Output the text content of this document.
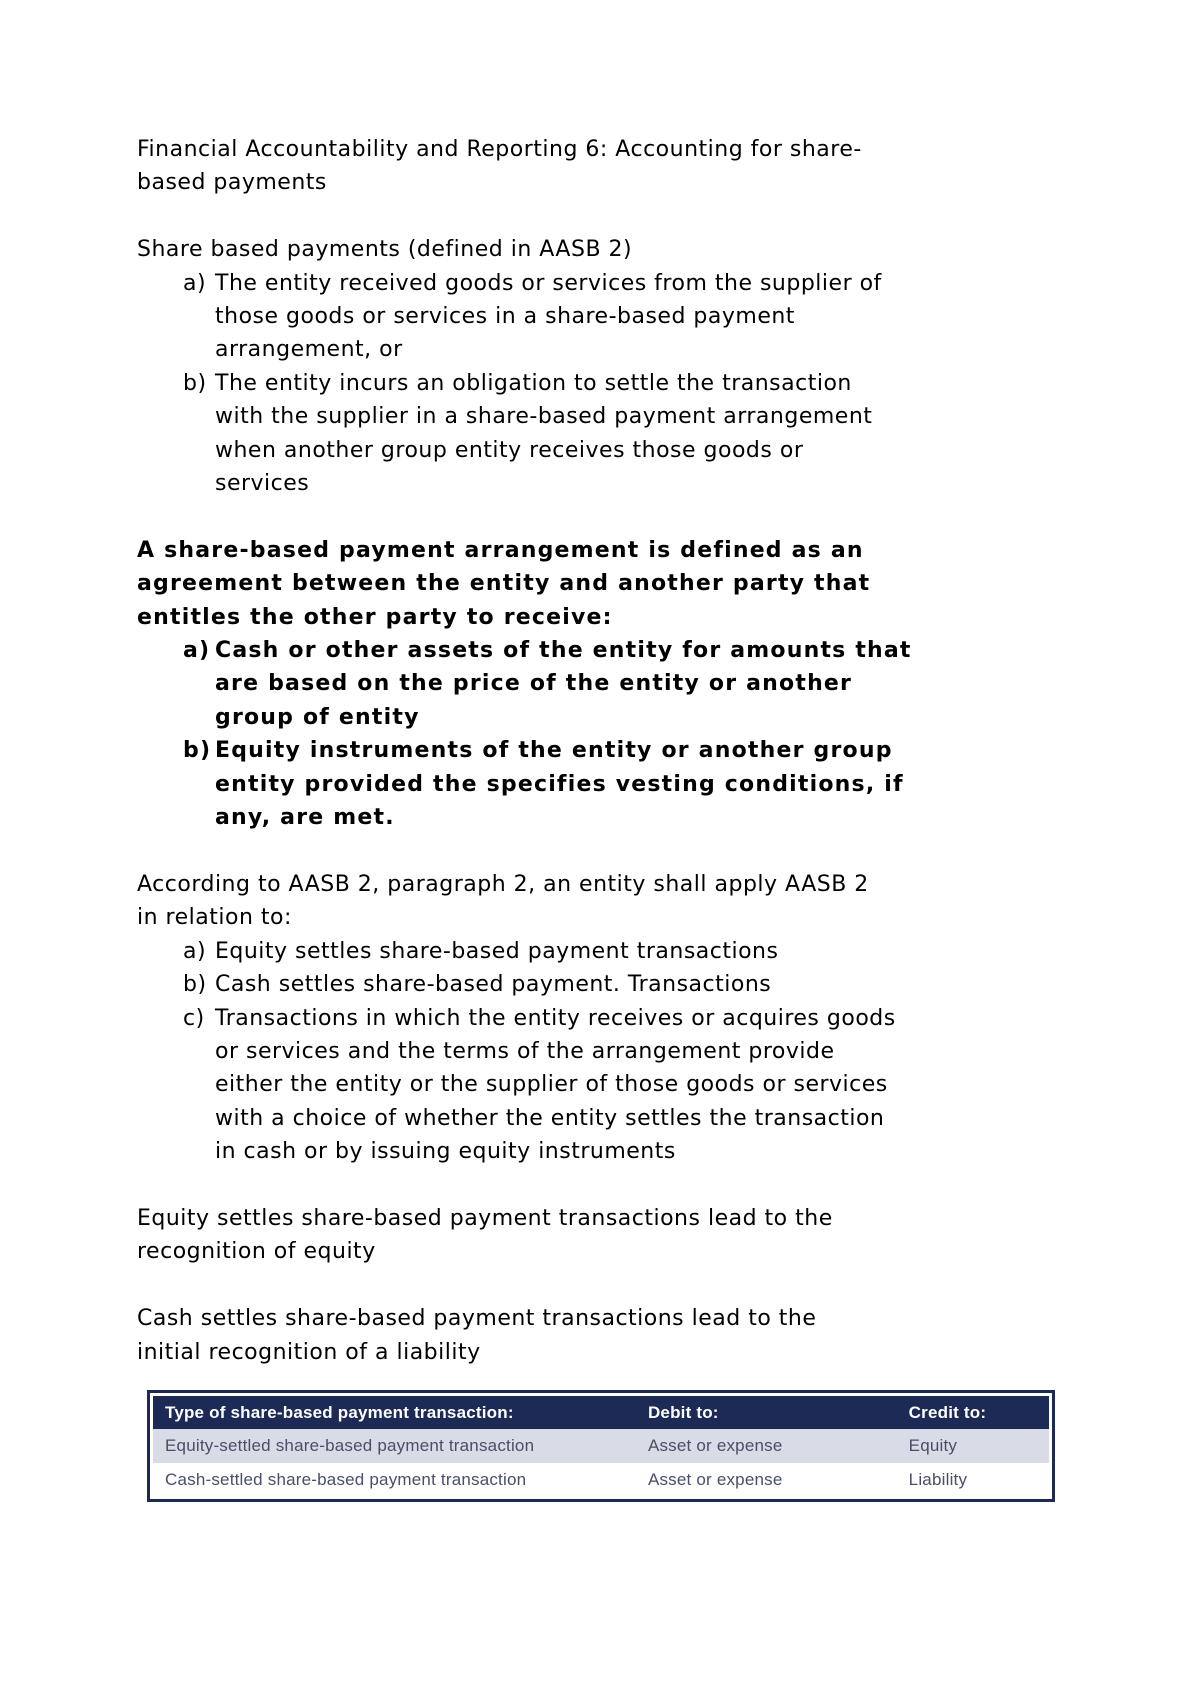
Financial Accountability and Reporting 6: Accounting for share-
based payments
Share based payments (defined in AASB 2)
a) The entity received goods or services from the supplier of
those goods or services in a share-based payment
arrangement, or
b) The entity incurs an obligation to settle the transaction
with the supplier in a share-based payment arrangement
when another group entity receives those goods or
services
A share-based payment arrangement is defined as an
agreement between the entity and another party that
entitles the other party to receive:
a) Cash or other assets of the entity for amounts that
are based on the price of the entity or another
group of entity
b) Equity instruments of the entity or another group
entity provided the specifies vesting conditions, if
any, are met.
According to AASB 2, paragraph 2, an entity shall apply AASB 2
in relation to:
a) Equity settles share-based payment transactions
b) Cash settles share-based payment. Transactions
c) Transactions in which the entity receives or acquires goods
or services and the terms of the arrangement provide
either the entity or the supplier of those goods or services
with a choice of whether the entity settles the transaction
in cash or by issuing equity instruments
Equity settles share-based payment transactions lead to the
recognition of equity
Cash settles share-based payment transactions lead to the
initial recognition of a liability
Type of share-based payment transaction:	Debit to:	Credit to:
Equity-settled share-based payment transaction	Asset or expense	Equity
Cash-settled share-based payment transaction	Asset or expense	Liability
